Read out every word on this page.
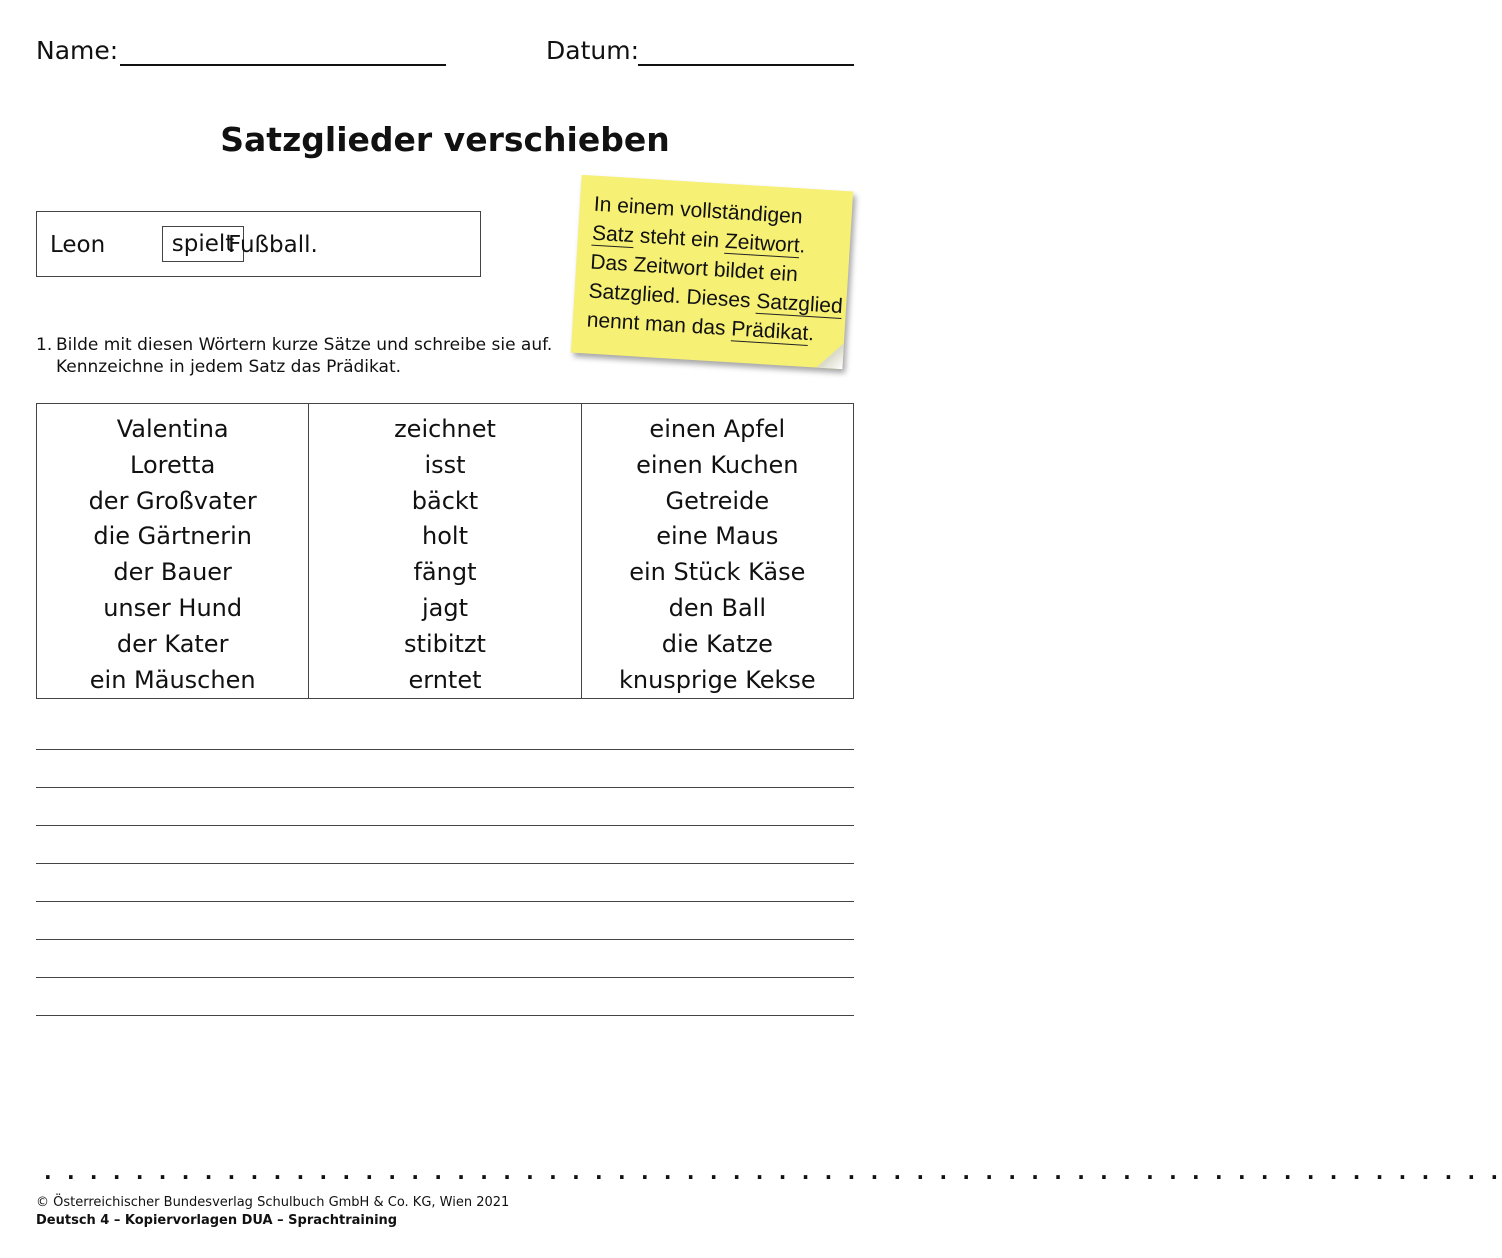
Name:	Datum:
Satzglieder verschieben
Leon	spielt
Fußball.
In einem vollständigen
Satz steht ein Zeitwort.
Das Zeitwort bildet ein
Satzglied. Dieses Satzglied
nennt man das Prädikat.
1. Bilde mit diesen Wörtern kurze Sätze und schreibe sie auf.
Kennzeichne in jedem Satz das Prädikat.
Valentina
Loretta
der Großvater
die Gärtnerin
der Bauer
unser Hund
der Kater
ein Mäuschen
zeichnet
isst
bäckt
holt
fängt
jagt
stibitzt
erntet
einen Apfel
einen Kuchen
Getreide
eine Maus
ein Stück Käse
den Ball
die Katze
knusprige Kekse
. . . . . . . . . . . . . . . . . . . . . . . . . . . . . . . . . . . . . . . . . . . . . . . . . . . . . . . . . . . . . . . .
© Österreichischer Bundesverlag Schulbuch GmbH & Co. KG, Wien 2021
Deutsch 4 – Kopiervorlagen DUA – Sprachtraining
